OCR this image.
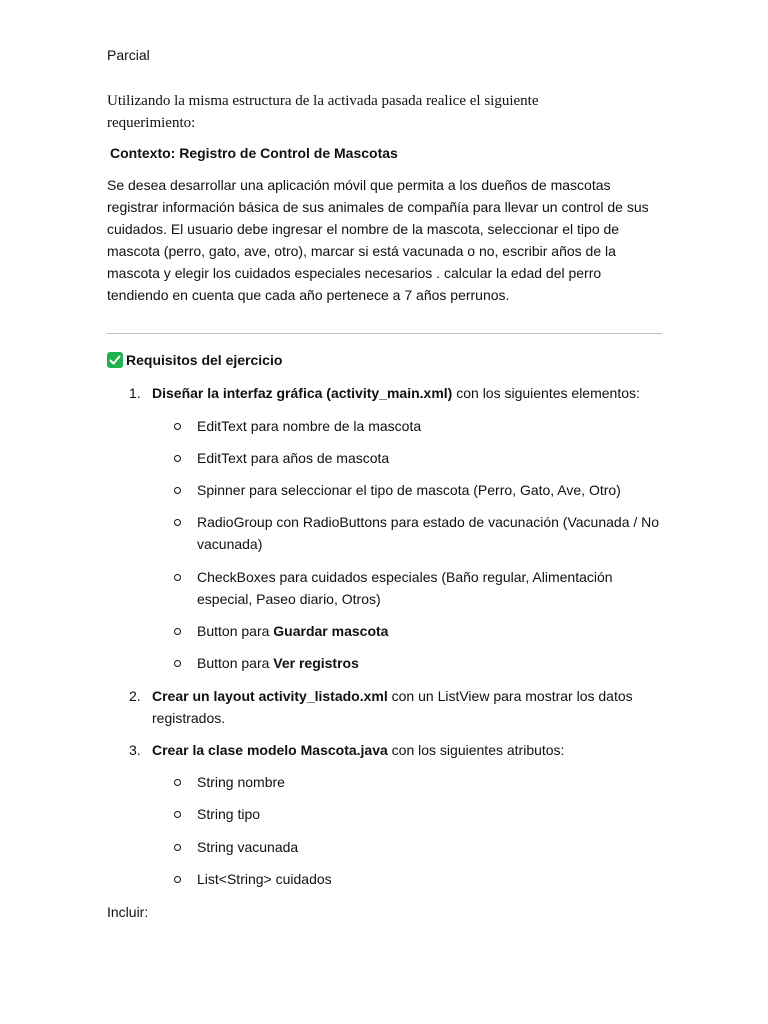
Parcial
Utilizando la misma estructura de la activada pasada realice el siguiente requerimiento:
Contexto: Registro de Control de Mascotas
Se desea desarrollar una aplicación móvil que permita a los dueños de mascotas registrar información básica de sus animales de compañía para llevar un control de sus cuidados. El usuario debe ingresar el nombre de la mascota, seleccionar el tipo de mascota (perro, gato, ave, otro), marcar si está vacunada o no, escribir años de la mascota y elegir los cuidados especiales necesarios . calcular la edad del perro tendiendo en cuenta que cada año pertenece a 7 años perrunos.
Requisitos del ejercicio
1. Diseñar la interfaz gráfica (activity_main.xml) con los siguientes elementos:
EditText para nombre de la mascota
EditText para años de mascota
Spinner para seleccionar el tipo de mascota (Perro, Gato, Ave, Otro)
RadioGroup con RadioButtons para estado de vacunación (Vacunada / No vacunada)
CheckBoxes para cuidados especiales (Baño regular, Alimentación especial, Paseo diario, Otros)
Button para Guardar mascota
Button para Ver registros
2. Crear un layout activity_listado.xml con un ListView para mostrar los datos registrados.
3. Crear la clase modelo Mascota.java con los siguientes atributos:
String nombre
String tipo
String vacunada
List<String> cuidados
Incluir:
